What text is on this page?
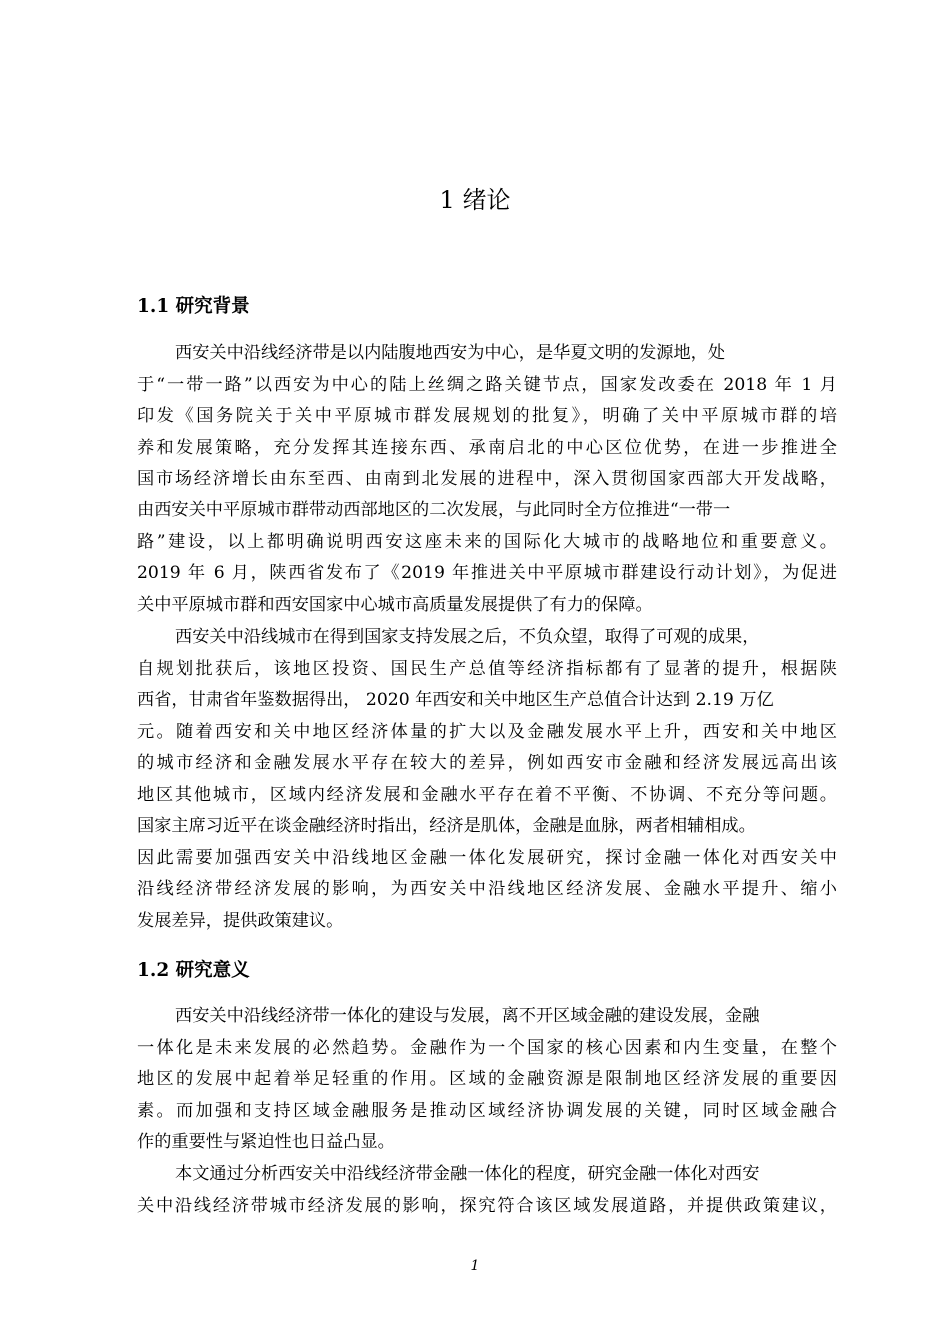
1 绪论
1.1 研究背景
西安关中沿线经济带是以内陆腹地西安为中心，是华夏文明的发源地，处
于“一带一路”以西安为中心的陆上丝绸之路关键节点，国家发改委在 2018 年 1 月
印发《国务院关于关中平原城市群发展规划的批复》，明确了关中平原城市群的培
养和发展策略，充分发挥其连接东西、承南启北的中心区位优势，在进一步推进全
国市场经济增长由东至西、由南到北发展的进程中，深入贯彻国家西部大开发战略，
由西安关中平原城市群带动西部地区的二次发展，与此同时全方位推进“一带一
路”建设，以上都明确说明西安这座未来的国际化大城市的战略地位和重要意义。
2019 年 6 月，陕西省发布了《2019 年推进关中平原城市群建设行动计划》，为促进
关中平原城市群和西安国家中心城市高质量发展提供了有力的保障。
西安关中沿线城市在得到国家支持发展之后，不负众望，取得了可观的成果，
自规划批获后，该地区投资、国民生产总值等经济指标都有了显著的提升，根据陕
西省，甘肃省年鉴数据得出， 2020 年西安和关中地区生产总值合计达到 2.19 万亿
元。随着西安和关中地区经济体量的扩大以及金融发展水平上升，西安和关中地区
的城市经济和金融发展水平存在较大的差异，例如西安市金融和经济发展远高出该
地区其他城市，区域内经济发展和金融水平存在着不平衡、不协调、不充分等问题。
国家主席习近平在谈金融经济时指出，经济是肌体，金融是血脉，两者相辅相成。
因此需要加强西安关中沿线地区金融一体化发展研究，探讨金融一体化对西安关中
沿线经济带经济发展的影响，为西安关中沿线地区经济发展、金融水平提升、缩小
发展差异，提供政策建议。
1.2 研究意义
西安关中沿线经济带一体化的建设与发展，离不开区域金融的建设发展，金融
一体化是未来发展的必然趋势。金融作为一个国家的核心因素和内生变量，在整个
地区的发展中起着举足轻重的作用。区域的金融资源是限制地区经济发展的重要因
素。而加强和支持区域金融服务是推动区域经济协调发展的关键，同时区域金融合
作的重要性与紧迫性也日益凸显。
本文通过分析西安关中沿线经济带金融一体化的程度，研究金融一体化对西安
关中沿线经济带城市经济发展的影响，探究符合该区域发展道路，并提供政策建议，
1
